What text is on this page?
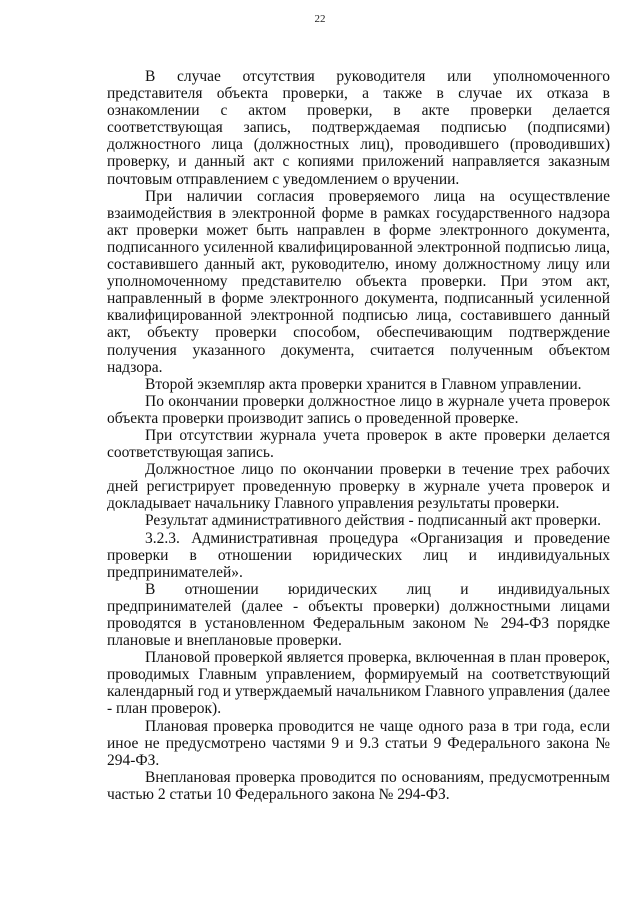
22

В случае отсутствия руководителя или уполномоченного представителя объекта проверки, а также в случае их отказа в ознакомлении с актом проверки, в акте проверки делается соответствующая запись, подтверждаемая подписью (подписями) должностного лица (должностных лиц), проводившего (проводивших) проверку, и данный акт с копиями приложений направляется заказным почтовым отправлением с уведомлением о вручении.

При наличии согласия проверяемого лица на осуществление взаимодействия в электронной форме в рамках государственного надзора акт проверки может быть направлен в форме электронного документа, подписанного усиленной квалифицированной электронной подписью лица, составившего данный акт, руководителю, иному должностному лицу или уполномоченному представителю объекта проверки. При этом акт, направленный в форме электронного документа, подписанный усиленной квалифицированной электронной подписью лица, составившего данный акт, объекту проверки способом, обеспечивающим подтверждение получения указанного документа, считается полученным объектом надзора.

Второй экземпляр акта проверки хранится в Главном управлении.

По окончании проверки должностное лицо в журнале учета проверок объекта проверки производит запись о проведенной проверке.

При отсутствии журнала учета проверок в акте проверки делается соответствующая запись.

Должностное лицо по окончании проверки в течение трех рабочих дней регистрирует проведенную проверку в журнале учета проверок и докладывает начальнику Главного управления результаты проверки.

Результат административного действия - подписанный акт проверки.

3.2.3. Административная процедура «Организация и проведение проверки в отношении юридических лиц и индивидуальных предпринимателей».

В отношении юридических лиц и индивидуальных предпринимателей (далее - объекты проверки) должностными лицами проводятся в установленном Федеральным законом № 294-ФЗ порядке плановые и внеплановые проверки.

Плановой проверкой является проверка, включенная в план проверок, проводимых Главным управлением, формируемый на соответствующий календарный год и утверждаемый начальником Главного управления (далее - план проверок).

Плановая проверка проводится не чаще одного раза в три года, если иное не предусмотрено частями 9 и 9.3 статьи 9 Федерального закона № 294-ФЗ.

Внеплановая проверка проводится по основаниям, предусмотренным частью 2 статьи 10 Федерального закона № 294-ФЗ.
